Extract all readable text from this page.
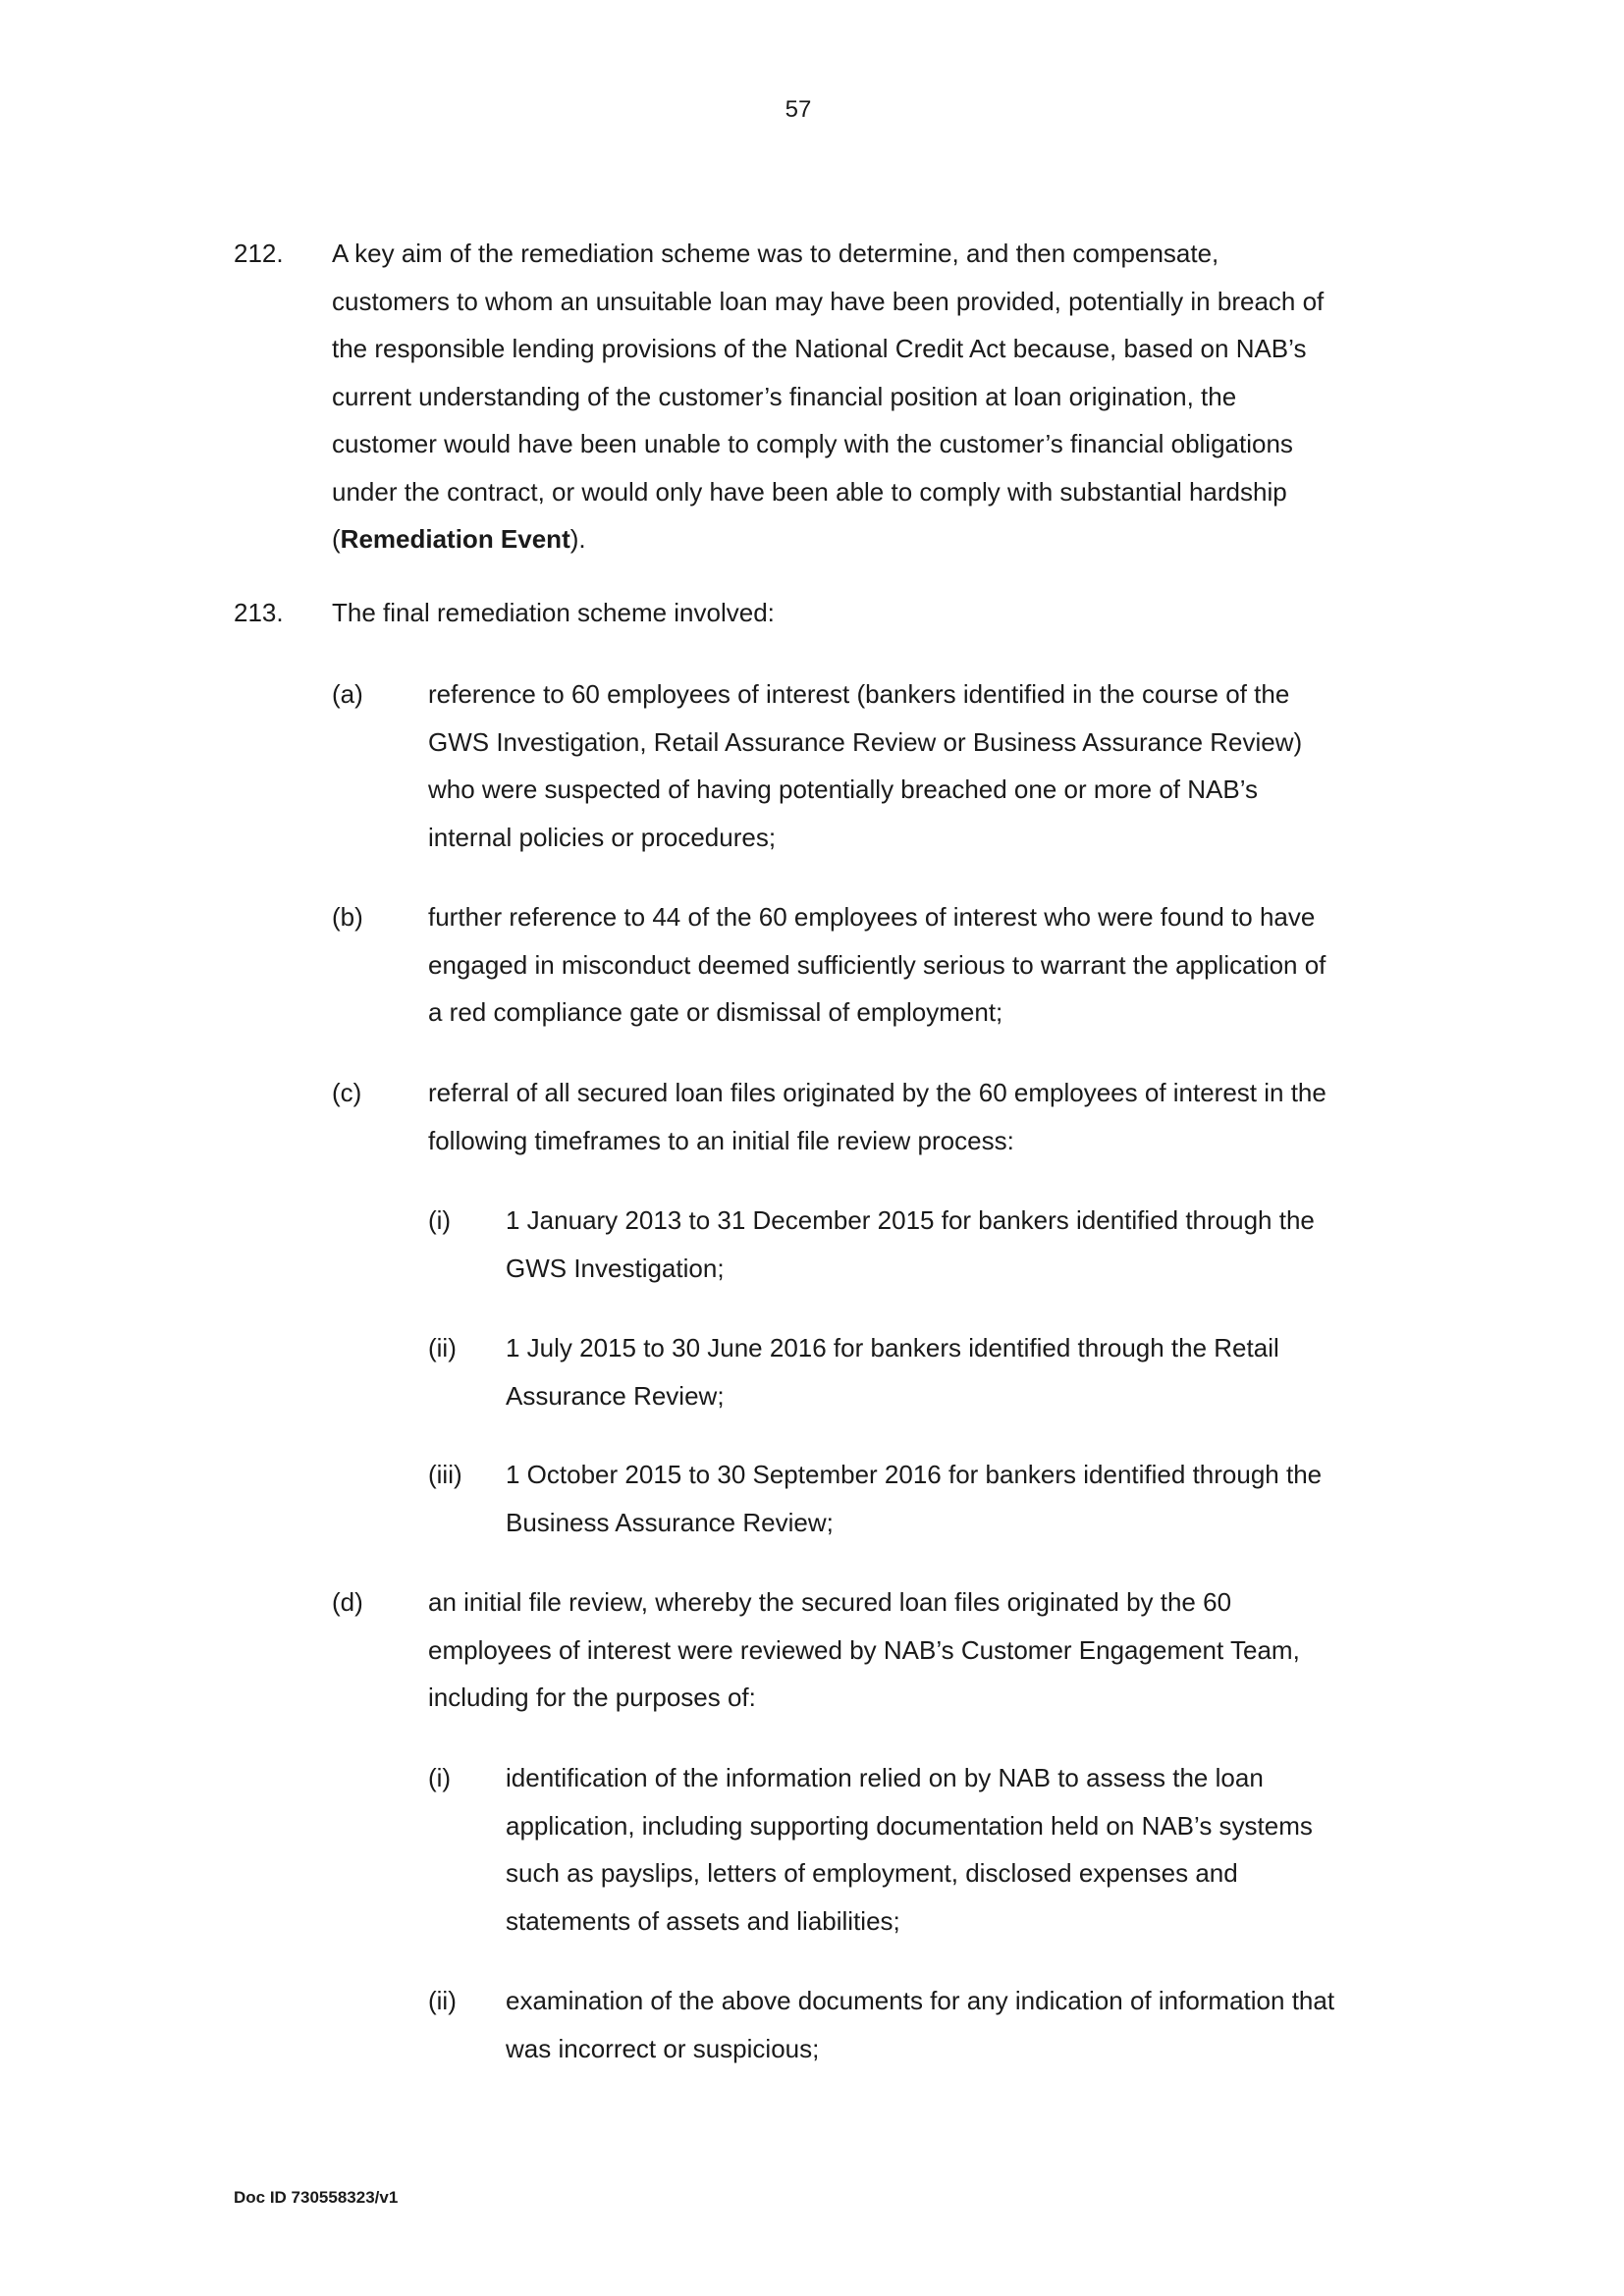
57
212. A key aim of the remediation scheme was to determine, and then compensate,
customers to whom an unsuitable loan may have been provided, potentially in breach of
the responsible lending provisions of the National Credit Act because, based on NAB’s
current understanding of the customer’s financial position at loan origination, the
customer would have been unable to comply with the customer’s financial obligations
under the contract, or would only have been able to comply with substantial hardship
(Remediation Event).
213. The final remediation scheme involved:
(a)	reference to 60 employees of interest (bankers identified in the course of the
GWS Investigation, Retail Assurance Review or Business Assurance Review)
who were suspected of having potentially breached one or more of NAB’s
internal policies or procedures;
(b)	further reference to 44 of the 60 employees of interest who were found to have
engaged in misconduct deemed sufficiently serious to warrant the application of
a red compliance gate or dismissal of employment;
(c)	referral of all secured loan files originated by the 60 employees of interest in the
following timeframes to an initial file review process:
(i) 1 January 2013 to 31 December 2015 for bankers identified through the
GWS Investigation;
(ii) 1 July 2015 to 30 June 2016 for bankers identified through the Retail
Assurance Review;
(iii) 1 October 2015 to 30 September 2016 for bankers identified through the
Business Assurance Review;
(d)	an initial file review, whereby the secured loan files originated by the 60
employees of interest were reviewed by NAB’s Customer Engagement Team,
including for the purposes of:
(i) identification of the information relied on by NAB to assess the loan
application, including supporting documentation held on NAB’s systems
such as payslips, letters of employment, disclosed expenses and
statements of assets and liabilities;
(ii) examination of the above documents for any indication of information that
was incorrect or suspicious;
Doc ID 730558323/v1
